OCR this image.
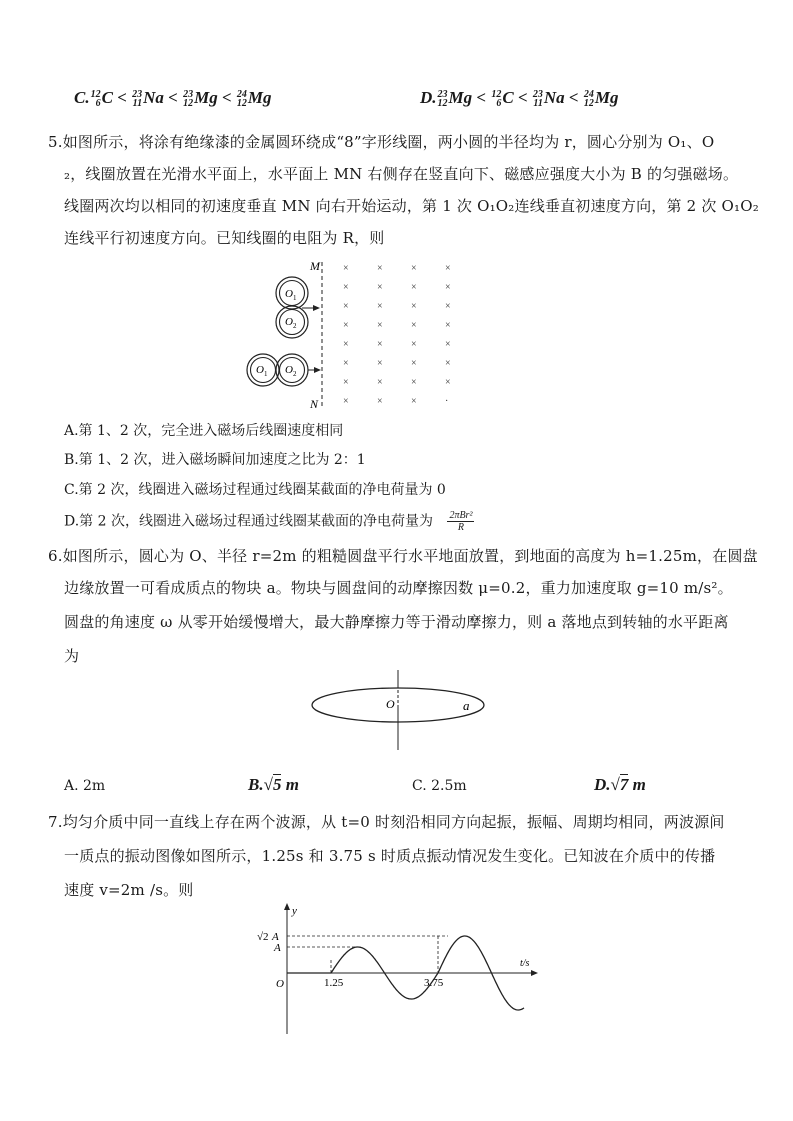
C. 12
6 C < 23
11 Na < 23
12 Mg < 24
12 Mg	D. 23
12 Mg < 12
6 C < 23
11 Na < 24
12 Mg
5.如图所示，将涂有绝缘漆的金属圆环绕成“8”字形线圈，两小圆的半径均为 r，圆心分别为 O₁、O
₂，线圈放置在光滑水平面上，水平面上 MN 右侧存在竖直向下、磁感应强度大小为 B 的匀强磁场。
线圈两次均以相同的初速度垂直 MN 向右开始运动，第 1 次 O₁O₂连线垂直初速度方向，第 2 次 O₁O₂
连线平行初速度方向。已知线圈的电阻为 R，则
M
N
×	×	×	×
×	×	×	×
×	×	×	×
×	×	×	×
×	×	×	×
×	×	×	×
×	×	×	×
×	×	×	·
O 1
O 2
O 1 O 2
A.第 1、2 次，完全进入磁场后线圈速度相同
B.第 1、2 次，进入磁场瞬间加速度之比为 2：1
C.第 2 次，线圈进入磁场过程通过线圈某截面的净电荷量为 0
D.第 2 次，线圈进入磁场过程通过线圈某截面的净电荷量为 $\frac{\text{2πBr²}}{R}$
6.如图所示，圆心为 O、半径 r=2m 的粗糙圆盘平行水平地面放置，到地面的高度为 h=1.25m，在圆盘
边缘放置一可看成质点的物块 a。物块与圆盘间的动摩擦因数 μ=0.2，重力加速度取 g=10 m/s²。
圆盘的角速度 ω 从零开始缓慢增大，最大静摩擦力等于滑动摩擦力，则 a 落地点到转轴的水平距离
为
O	a
A. 2m	B.√5 m	C. 2.5m	D.√7 m
7.均匀介质中同一直线上存在两个波源，从 t=0 时刻沿相同方向起振，振幅、周期均相同，两波源间
一质点的振动图像如图所示，1.25s 和 3.75 s 时质点振动情况发生变化。已知波在介质中的传播
速度 v=2m /s。则
y
t/s
O
√2 A
A
1.25	3.75
